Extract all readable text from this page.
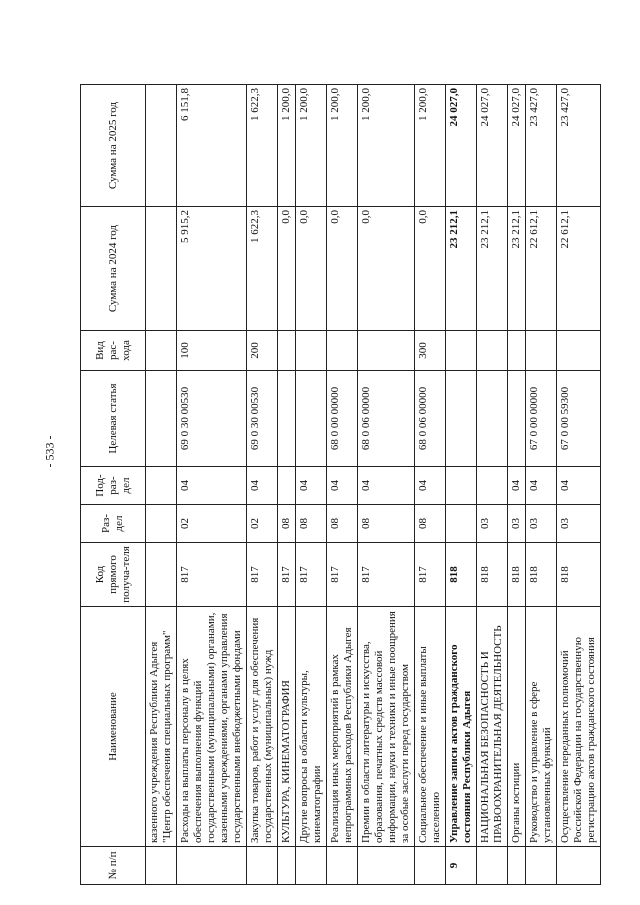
- 533 -
№ п/п	Наименование	Код прямого получа-теля	Раз-дел	Под-раз-дел	Целевая статья	Вид рас-хода	Сумма на 2024 год	Сумма на 2025 год
	казенного учреждения Республики Адыгея "Центр обеспечения специальных программ"							
	Расходы на выплаты персоналу в целях обеспечения выполнения функций государственными (муниципальными) органами, казенными учреждениями, органами управления государственными внебюджетными фондами	817	02	04	69 0 30 00530	100	5 915,2	6 151,8
	Закупка товаров, работ и услуг для обеспечения государственных (муниципальных) нужд	817	02	04	69 0 30 00530	200	1 622,3	1 622,3
	КУЛЬТУРА, КИНЕМАТОГРАФИЯ	817	08				0,0	1 200,0
	Другие вопросы в области культуры, кинематографии	817	08	04			0,0	1 200,0
	Реализация иных мероприятий в рамках непрограммных расходов Республики Адыгея	817	08	04	68 0 00 00000		0,0	1 200,0
	Премии в области литературы и искусства, образования, печатных средств массовой информации, науки и техники и иные поощрения за особые заслуги перед государством	817	08	04	68 0 06 00000		0,0	1 200,0
	Социальное обеспечение и иные выплаты населению	817	08	04	68 0 06 00000	300	0,0	1 200,0
9	Управление записи актов гражданского состояния Республики Адыгея	818					23 212,1	24 027,0
	НАЦИОНАЛЬНАЯ БЕЗОПАСНОСТЬ И ПРАВООХРАНИТЕЛЬНАЯ ДЕЯТЕЛЬНОСТЬ	818	03				23 212,1	24 027,0
	Органы юстиции	818	03	04			23 212,1	24 027,0
	Руководство и управление в сфере установленных функций	818	03	04	67 0 00 00000		22 612,1	23 427,0
	Осуществление переданных полномочий Российской Федерации на государственную регистрацию актов гражданского состояния	818	03	04	67 0 00 59300		22 612,1	23 427,0
